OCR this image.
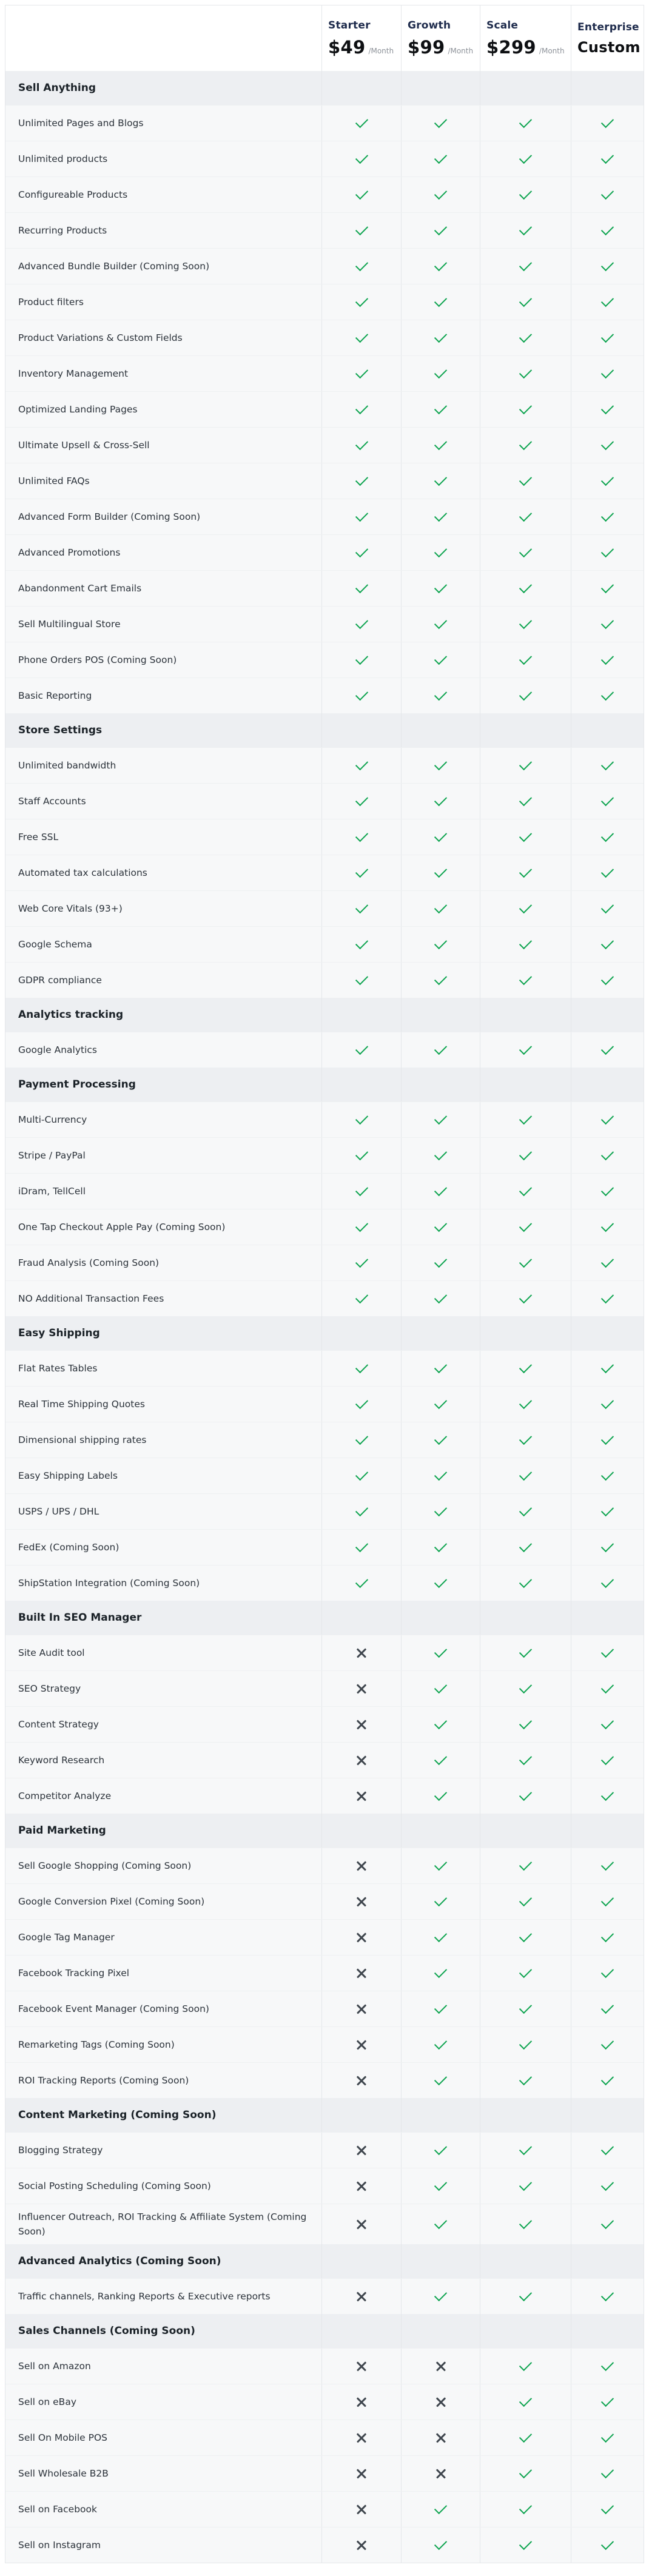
Starter
$49 /Month
Growth
$99 /Month
Scale
$299 /Month
Enterprise
Custom
Sell Anything
Unlimited Pages and Blogs
Unlimited products
Configureable Products
Recurring Products
Advanced Bundle Builder (Coming Soon)
Product filters
Product Variations & Custom Fields
Inventory Management
Optimized Landing Pages
Ultimate Upsell & Cross-Sell
Unlimited FAQs
Advanced Form Builder (Coming Soon)
Advanced Promotions
Abandonment Cart Emails
Sell Multilingual Store
Phone Orders POS (Coming Soon)
Basic Reporting
Store Settings
Unlimited bandwidth
Staff Accounts
Free SSL
Automated tax calculations
Web Core Vitals (93+)
Google Schema
GDPR compliance
Analytics tracking
Google Analytics
Payment Processing
Multi-Currency
Stripe / PayPal
iDram, TellCell
One Tap Checkout Apple Pay (Coming Soon)
Fraud Analysis (Coming Soon)
NO Additional Transaction Fees
Easy Shipping
Flat Rates Tables
Real Time Shipping Quotes
Dimensional shipping rates
Easy Shipping Labels
USPS / UPS / DHL
FedEx (Coming Soon)
ShipStation Integration (Coming Soon)
Built In SEO Manager
Site Audit tool
SEO Strategy
Content Strategy
Keyword Research
Competitor Analyze
Paid Marketing
Sell Google Shopping (Coming Soon)
Google Conversion Pixel (Coming Soon)
Google Tag Manager
Facebook Tracking Pixel
Facebook Event Manager (Coming Soon)
Remarketing Tags (Coming Soon)
ROI Tracking Reports (Coming Soon)
Content Marketing (Coming Soon)
Blogging Strategy
Social Posting Scheduling (Coming Soon)
Influencer Outreach, ROI Tracking & Affiliate System (Coming Soon)
Advanced Analytics (Coming Soon)
Traffic channels, Ranking Reports & Executive reports
Sales Channels (Coming Soon)
Sell on Amazon
Sell on eBay
Sell On Mobile POS
Sell Wholesale B2B
Sell on Facebook
Sell on Instagram
